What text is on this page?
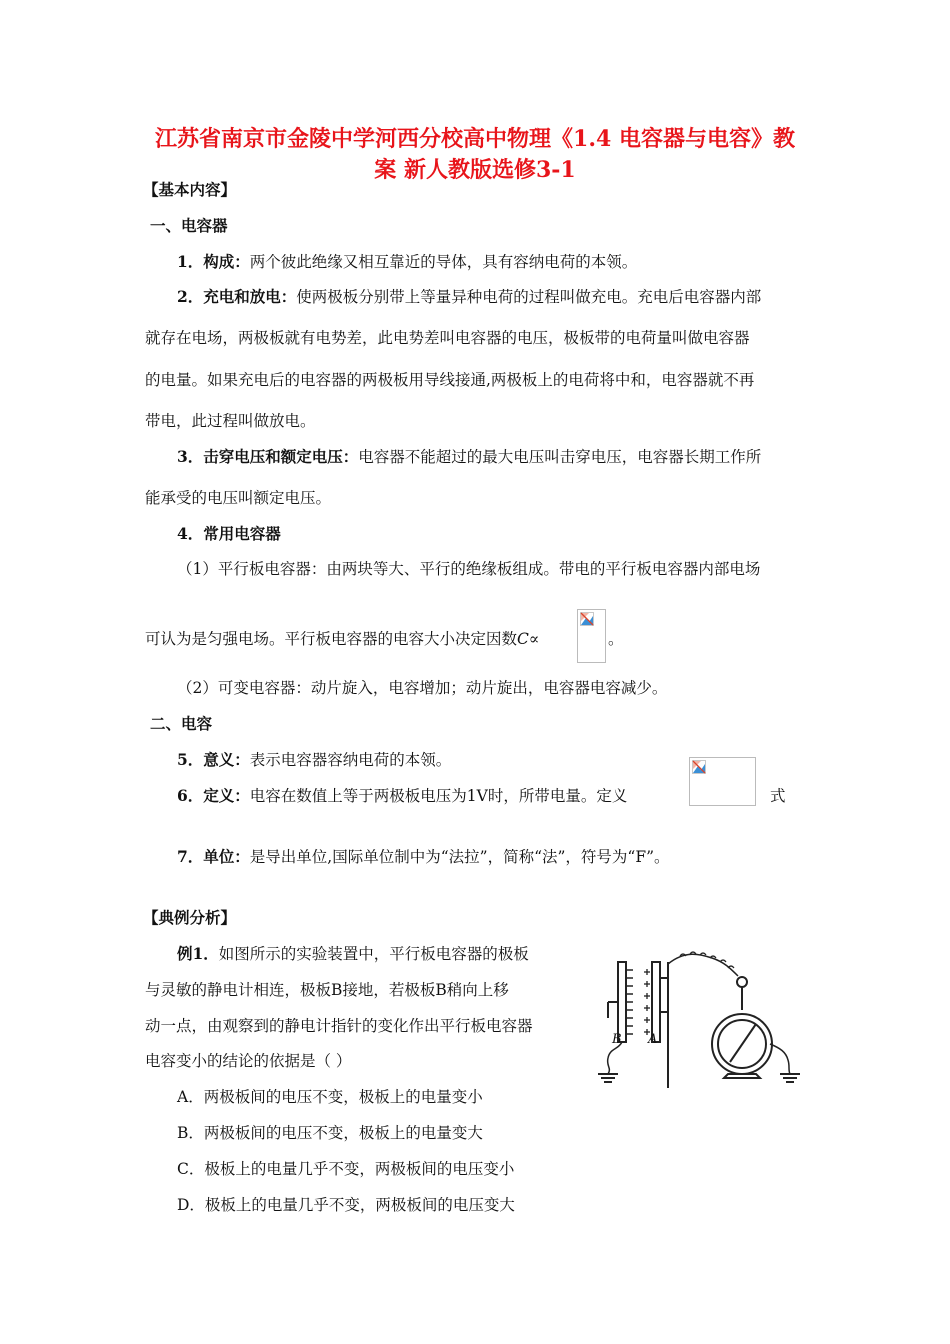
江苏省南京市金陵中学河西分校高中物理《1.4 电容器与电容》教
案 新人教版选修3-1
【基本内容】
一、电容器
1．构成：两个彼此绝缘又相互靠近的导体，具有容纳电荷的本领。
2．充电和放电：使两极板分别带上等量异种电荷的过程叫做充电。充电后电容器内部
就存在电场，两极板就有电势差，此电势差叫电容器的电压，极板带的电荷量叫做电容器
的电量。如果充电后的电容器的两极板用导线接通,两极板上的电荷将中和，电容器就不再
带电，此过程叫做放电。
3．击穿电压和额定电压：电容器不能超过的最大电压叫击穿电压，电容器长期工作所
能承受的电压叫额定电压。
4．常用电容器
（1）平行板电容器：由两块等大、平行的绝缘板组成。带电的平行板电容器内部电场
可认为是匀强电场。平行板电容器的电容大小决定因数C∝	。
（2）可变电容器：动片旋入，电容增加；动片旋出，电容器电容减少。
二、电容
5．意义：表示电容器容纳电荷的本领。
6．定义：电容在数值上等于两极板电压为1V时，所带电量。定义	式
7．单位：是导出单位,国际单位制中为“法拉”，简称“法”，符号为“F”。
【典例分析】
例1．如图所示的实验装置中，平行板电容器的极板
与灵敏的静电计相连，极板B接地，若极板B稍向上移
动一点，由观察到的静电计指针的变化作出平行板电容器
电容变小的结论的依据是（ ）
A．两极板间的电压不变，极板上的电量变小
B．两极板间的电压不变，极板上的电量变大
C．极板上的电量几乎不变，两极板间的电压变小
D．极板上的电量几乎不变，两极板间的电压变大
B A
